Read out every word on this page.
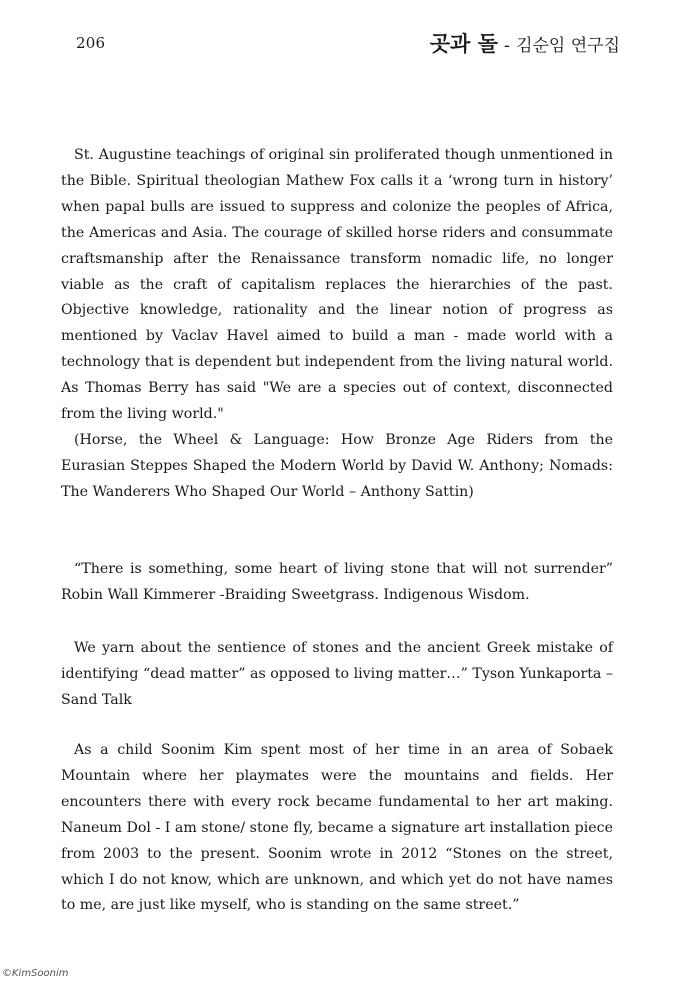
206	곳과 돌 - 김순임 연구집

St. Augustine teachings of original sin proliferated though unmentioned in the Bible. Spiritual theologian Mathew Fox calls it a ‘wrong turn in history’ when papal bulls are issued to suppress and colonize the peoples of Africa, the Americas and Asia. The courage of skilled horse riders and consummate craftsmanship after the Renaissance transform nomadic life, no longer viable as the craft of capitalism replaces the hierarchies of the past. Objective knowledge, rationality and the linear notion of progress as mentioned by Vaclav Havel aimed to build a man - made world with a technology that is dependent but independent from the living natural world. As Thomas Berry has said "We are a species out of context, disconnected from the living world."

(Horse, the Wheel & Language: How Bronze Age Riders from the Eurasian Steppes Shaped the Modern World by David W. Anthony; Nomads: The Wanderers Who Shaped Our World – Anthony Sattin)

“There is something, some heart of living stone that will not surrender” Robin Wall Kimmerer -Braiding Sweetgrass. Indigenous Wisdom.

We yarn about the sentience of stones and the ancient Greek mistake of identifying “dead matter” as opposed to living matter…” Tyson Yunkaporta – Sand Talk

As a child Soonim Kim spent most of her time in an area of Sobaek Mountain where her playmates were the mountains and fields. Her encounters there with every rock became fundamental to her art making. Naneum Dol - I am stone/ stone fly, became a signature art installation piece from 2003 to the present. Soonim wrote in 2012 “Stones on the street, which I do not know, which are unknown, and which yet do not have names to me, are just like myself, who is standing on the same street.”

©KimSoonim
